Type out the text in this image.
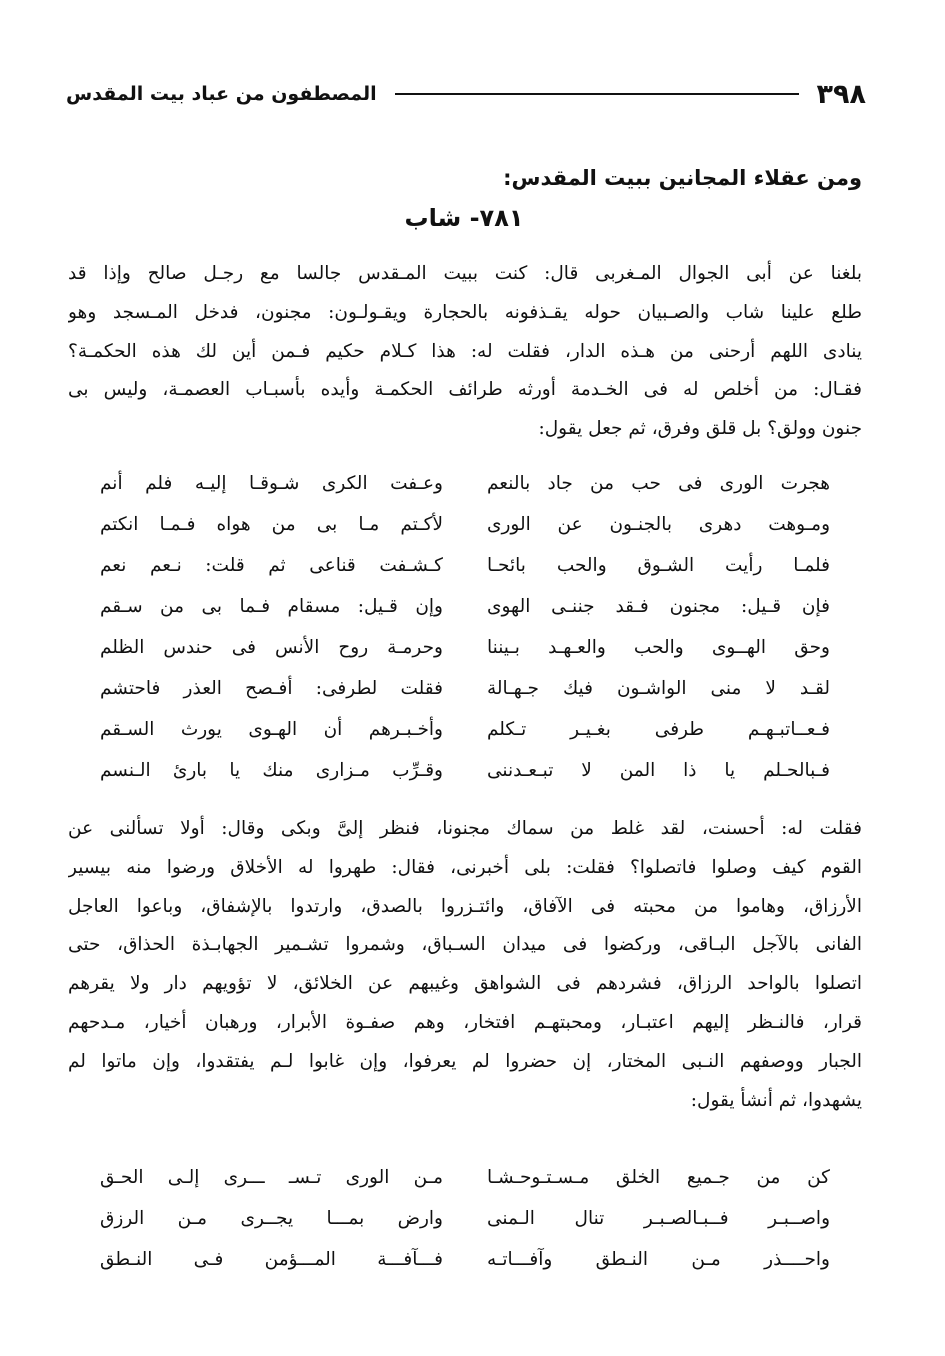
٣٩٨
المصطفون من عباد بيت المقدس
ومن عقلاء المجانين ببيت المقدس:
٧٨١- شاب
بلغنا عن أبى الجوال المـغربى قال: كنت ببيت المـقدس جالسا مع رجـل صالح وإذا قد
طلع علينا شاب والصـبيان حوله يقـذفونه بالحجارة ويقـولـون: مجنون، فدخل المـسجد وهو
ينادى اللهم أرحنى من هـذه الدار، فقلت له: هذا كـلام حكيم فـمن أين لك هذه الحكمـة؟
فقـال: من أخلص له فى الخـدمة أورثه طرائف الحكمـة وأيده بأسبـاب العصمـة، وليس بى
جنون وولق؟ بل قلق وفرق، ثم جعل يقول:
هجرت الورى فى حب من جاد بالنعم
وعـفت الكرى شـوقـا إليـه فلم أنم
ومـوهت دهرى بالجنـون عن الورى
لأكـتم مـا بى من هواه فـمـا انكتم
فلمـا رأيت الشـوق والحب بائحـا
كـشـفت قناعى ثم قلت: نـعم نعم
فإن قـيل: مجنون فـقد جننـى الهوى
وإن قـيل: مسقام فـما بى من سـقم
وحق الهــوى والحب والعـهـد بـيننا
وحرمـة روح الأنس فى حندس الظلم
لقـد لا منى الواشـون فيك جـهـالة
فقلت لطرفى: أفـصح العذر فاحتشم
فـعــاتبـهـم طرفى بغـيـر تـكلم
وأخـبـرهم أن الهـوى يورث السـقم
فـبالحـلم يا ذا المن لا تبـعـدننى
وقـرِّب مـزارى منك يا بارئ الـنسم
فقلت له: أحسنت، لقد غلط من سماك مجنونا، فنظر إلىَّ وبكى وقال: أولا تسألنى عن
القوم كيف وصلوا فاتصلوا؟ فقلت: بلى أخبرنى، فقال: طهروا له الأخلاق ورضوا منه بيسير
الأرزاق، وهاموا من محبته فى الآفاق، وائتـزروا بالصدق، وارتدوا بالإشفاق، وباعوا العاجل
الفانى بالآجل البـاقى، وركضوا فى ميدان السـباق، وشمروا تشـمير الجهابـذة الحذاق، حتى
اتصلوا بالواحد الرزاق، فشردهم فى الشواهق وغيبهم عن الخلائق، لا تؤويهم دار ولا يقرهم
قرار، فالنـظر إليهم اعتبـار، ومحبتهـم افتخار، وهم صفـوة الأبرار، ورهبان أخيار، مـدحهم
الجبار ووصفهم النـبى المختار، إن حضروا لم يعرفوا، وإن غابوا لـم يفتقدوا، وإن ماتوا لم
يشهدوا، ثم أنشأ يقول:
كن من جـميع الخلق مـسـتـوحـشـا
مـن الورى تـسـ ـــرى إلـى الحـق
واصــبـر فــبـالصـبـر تنال الـمنى
وارض بمـــا يجــرى مـن الرزق
واحــــذر مـن النـطق وآفـــاتـه
فـــآفـــة المـــؤمن فـى النـطق
